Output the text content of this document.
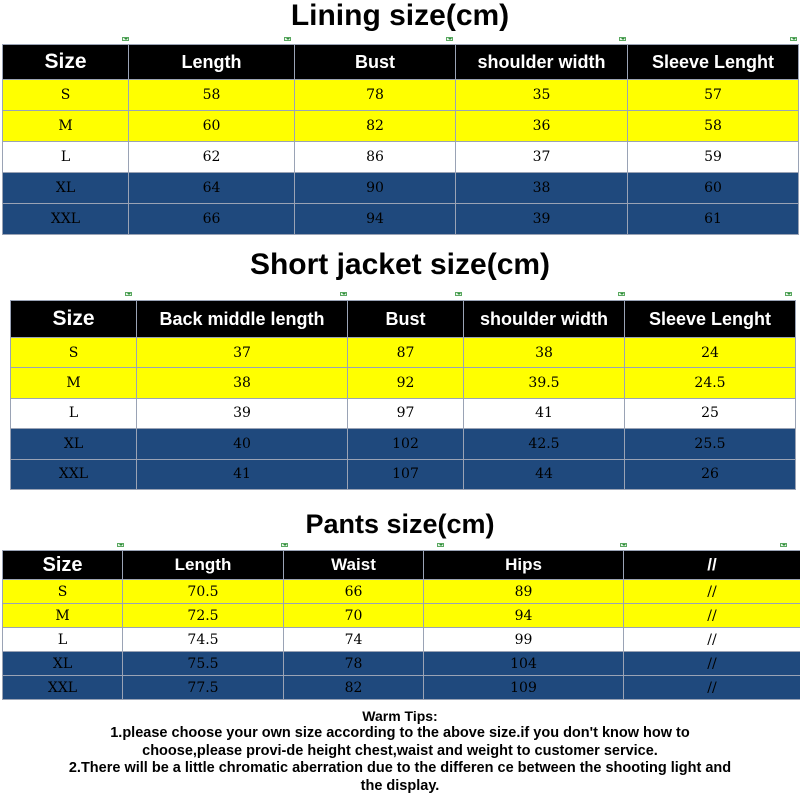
Lining size(cm)
Size	Length	Bust	shoulder width	Sleeve Lenght
S	58	78	35	57
M	60	82	36	58
L	62	86	37	59
XL	64	90	38	60
XXL	66	94	39	61
Short jacket size(cm)
Size	Back middle length	Bust	shoulder width	Sleeve Lenght
S	37	87	38	24
M	38	92	39.5	24.5
L	39	97	41	25
XL	40	102	42.5	25.5
XXL	41	107	44	26
Pants size(cm)
Size	Length	Waist	Hips	//
S	70.5	66	89	//
M	72.5	70	94	//
L	74.5	74	99	//
XL	75.5	78	104	//
XXL	77.5	82	109	//
Warm Tips:
1.please choose your own size according to the above size.if you don't know how to
choose,please provi-de height chest,waist and weight to customer service.
2.There will be a little chromatic aberration due to the differen ce between the shooting light and
the display.
